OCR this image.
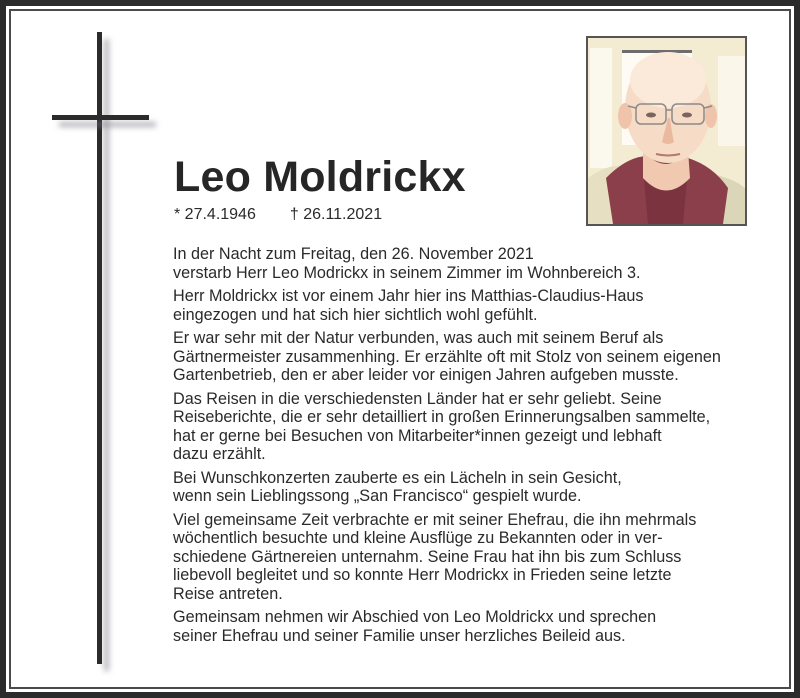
Leo Moldrickx
* 27.4.1946 † 26.11.2021

In der Nacht zum Freitag, den 26. November 2021
verstarb Herr Leo Modrickx in seinem Zimmer im Wohnbereich 3.

Herr Moldrickx ist vor einem Jahr hier ins Matthias-Claudius-Haus
eingezogen und hat sich hier sichtlich wohl gefühlt.

Er war sehr mit der Natur verbunden, was auch mit seinem Beruf als
Gärtnermeister zusammenhing. Er erzählte oft mit Stolz von seinem eigenen
Gartenbetrieb, den er aber leider vor einigen Jahren aufgeben musste.

Das Reisen in die verschiedensten Länder hat er sehr geliebt. Seine
Reiseberichte, die er sehr detailliert in großen Erinnerungsalben sammelte,
hat er gerne bei Besuchen von Mitarbeiter*innen gezeigt und lebhaft
dazu erzählt.

Bei Wunschkonzerten zauberte es ein Lächeln in sein Gesicht,
wenn sein Lieblingssong „San Francisco“ gespielt wurde.

Viel gemeinsame Zeit verbrachte er mit seiner Ehefrau, die ihn mehrmals
wöchentlich besuchte und kleine Ausflüge zu Bekannten oder in ver-
schiedene Gärtnereien unternahm. Seine Frau hat ihn bis zum Schluss
liebevoll begleitet und so konnte Herr Modrickx in Frieden seine letzte
Reise antreten.

Gemeinsam nehmen wir Abschied von Leo Moldrickx und sprechen
seiner Ehefrau und seiner Familie unser herzliches Beileid aus.
